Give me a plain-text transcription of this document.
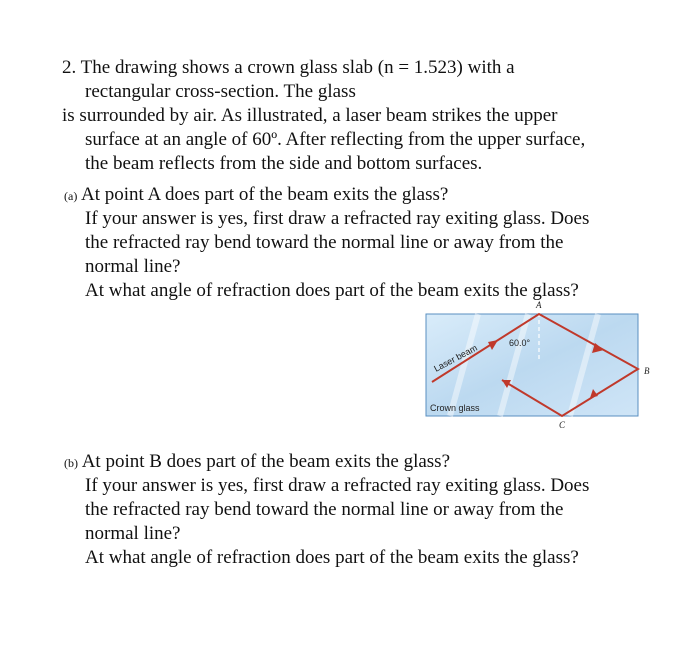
2. The drawing shows a crown glass slab (n = 1.523) with a
rectangular cross-section. The glass
is surrounded by air. As illustrated, a laser beam strikes the upper
surface at an angle of 60º. After reflecting from the upper surface,
the beam reflects from the side and bottom surfaces.
(a) At point A does part of the beam exits the glass?
If your answer is yes, first draw a refracted ray exiting glass. Does
the refracted ray bend toward the normal line or away from the
normal line?
At what angle of refraction does part of the beam exits the glass?
Laser beam	60.0°
Crown glass
A
B
C
(b) At point B does part of the beam exits the glass?
If your answer is yes, first draw a refracted ray exiting glass. Does
the refracted ray bend toward the normal line or away from the
normal line?
At what angle of refraction does part of the beam exits the glass?
